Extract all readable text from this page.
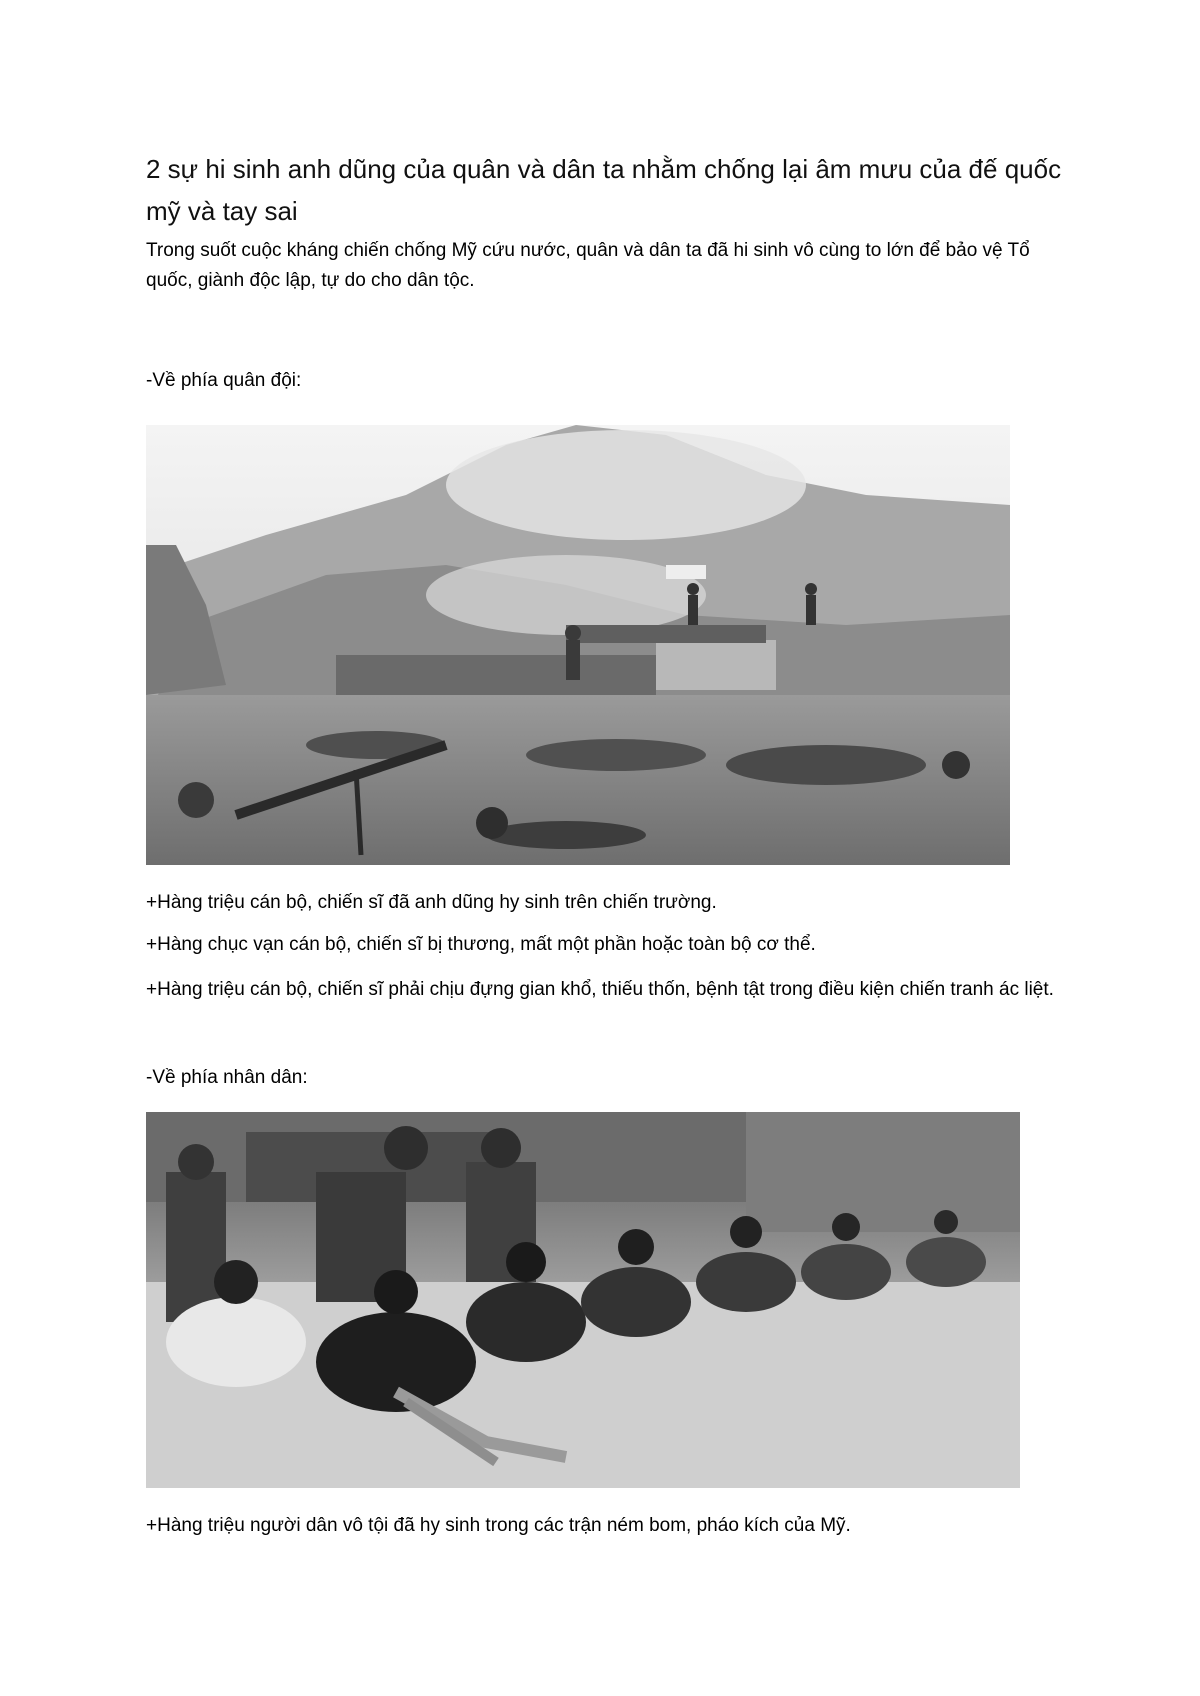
2 sự hi sinh anh dũng của quân và dân ta nhằm chống lại âm mưu của đế quốc mỹ và tay sai
Trong suốt cuộc kháng chiến chống Mỹ cứu nước, quân và dân ta đã hi sinh vô cùng to lớn để bảo vệ Tổ quốc, giành độc lập, tự do cho dân tộc.
-Về phía quân đội:
+Hàng triệu cán bộ, chiến sĩ đã anh dũng hy sinh trên chiến trường.
+Hàng chục vạn cán bộ, chiến sĩ bị thương, mất một phần hoặc toàn bộ cơ thể.
+Hàng triệu cán bộ, chiến sĩ phải chịu đựng gian khổ, thiếu thốn, bệnh tật trong điều kiện chiến tranh ác liệt.
-Về phía nhân dân:
+Hàng triệu người dân vô tội đã hy sinh trong các trận ném bom, pháo kích của Mỹ.
